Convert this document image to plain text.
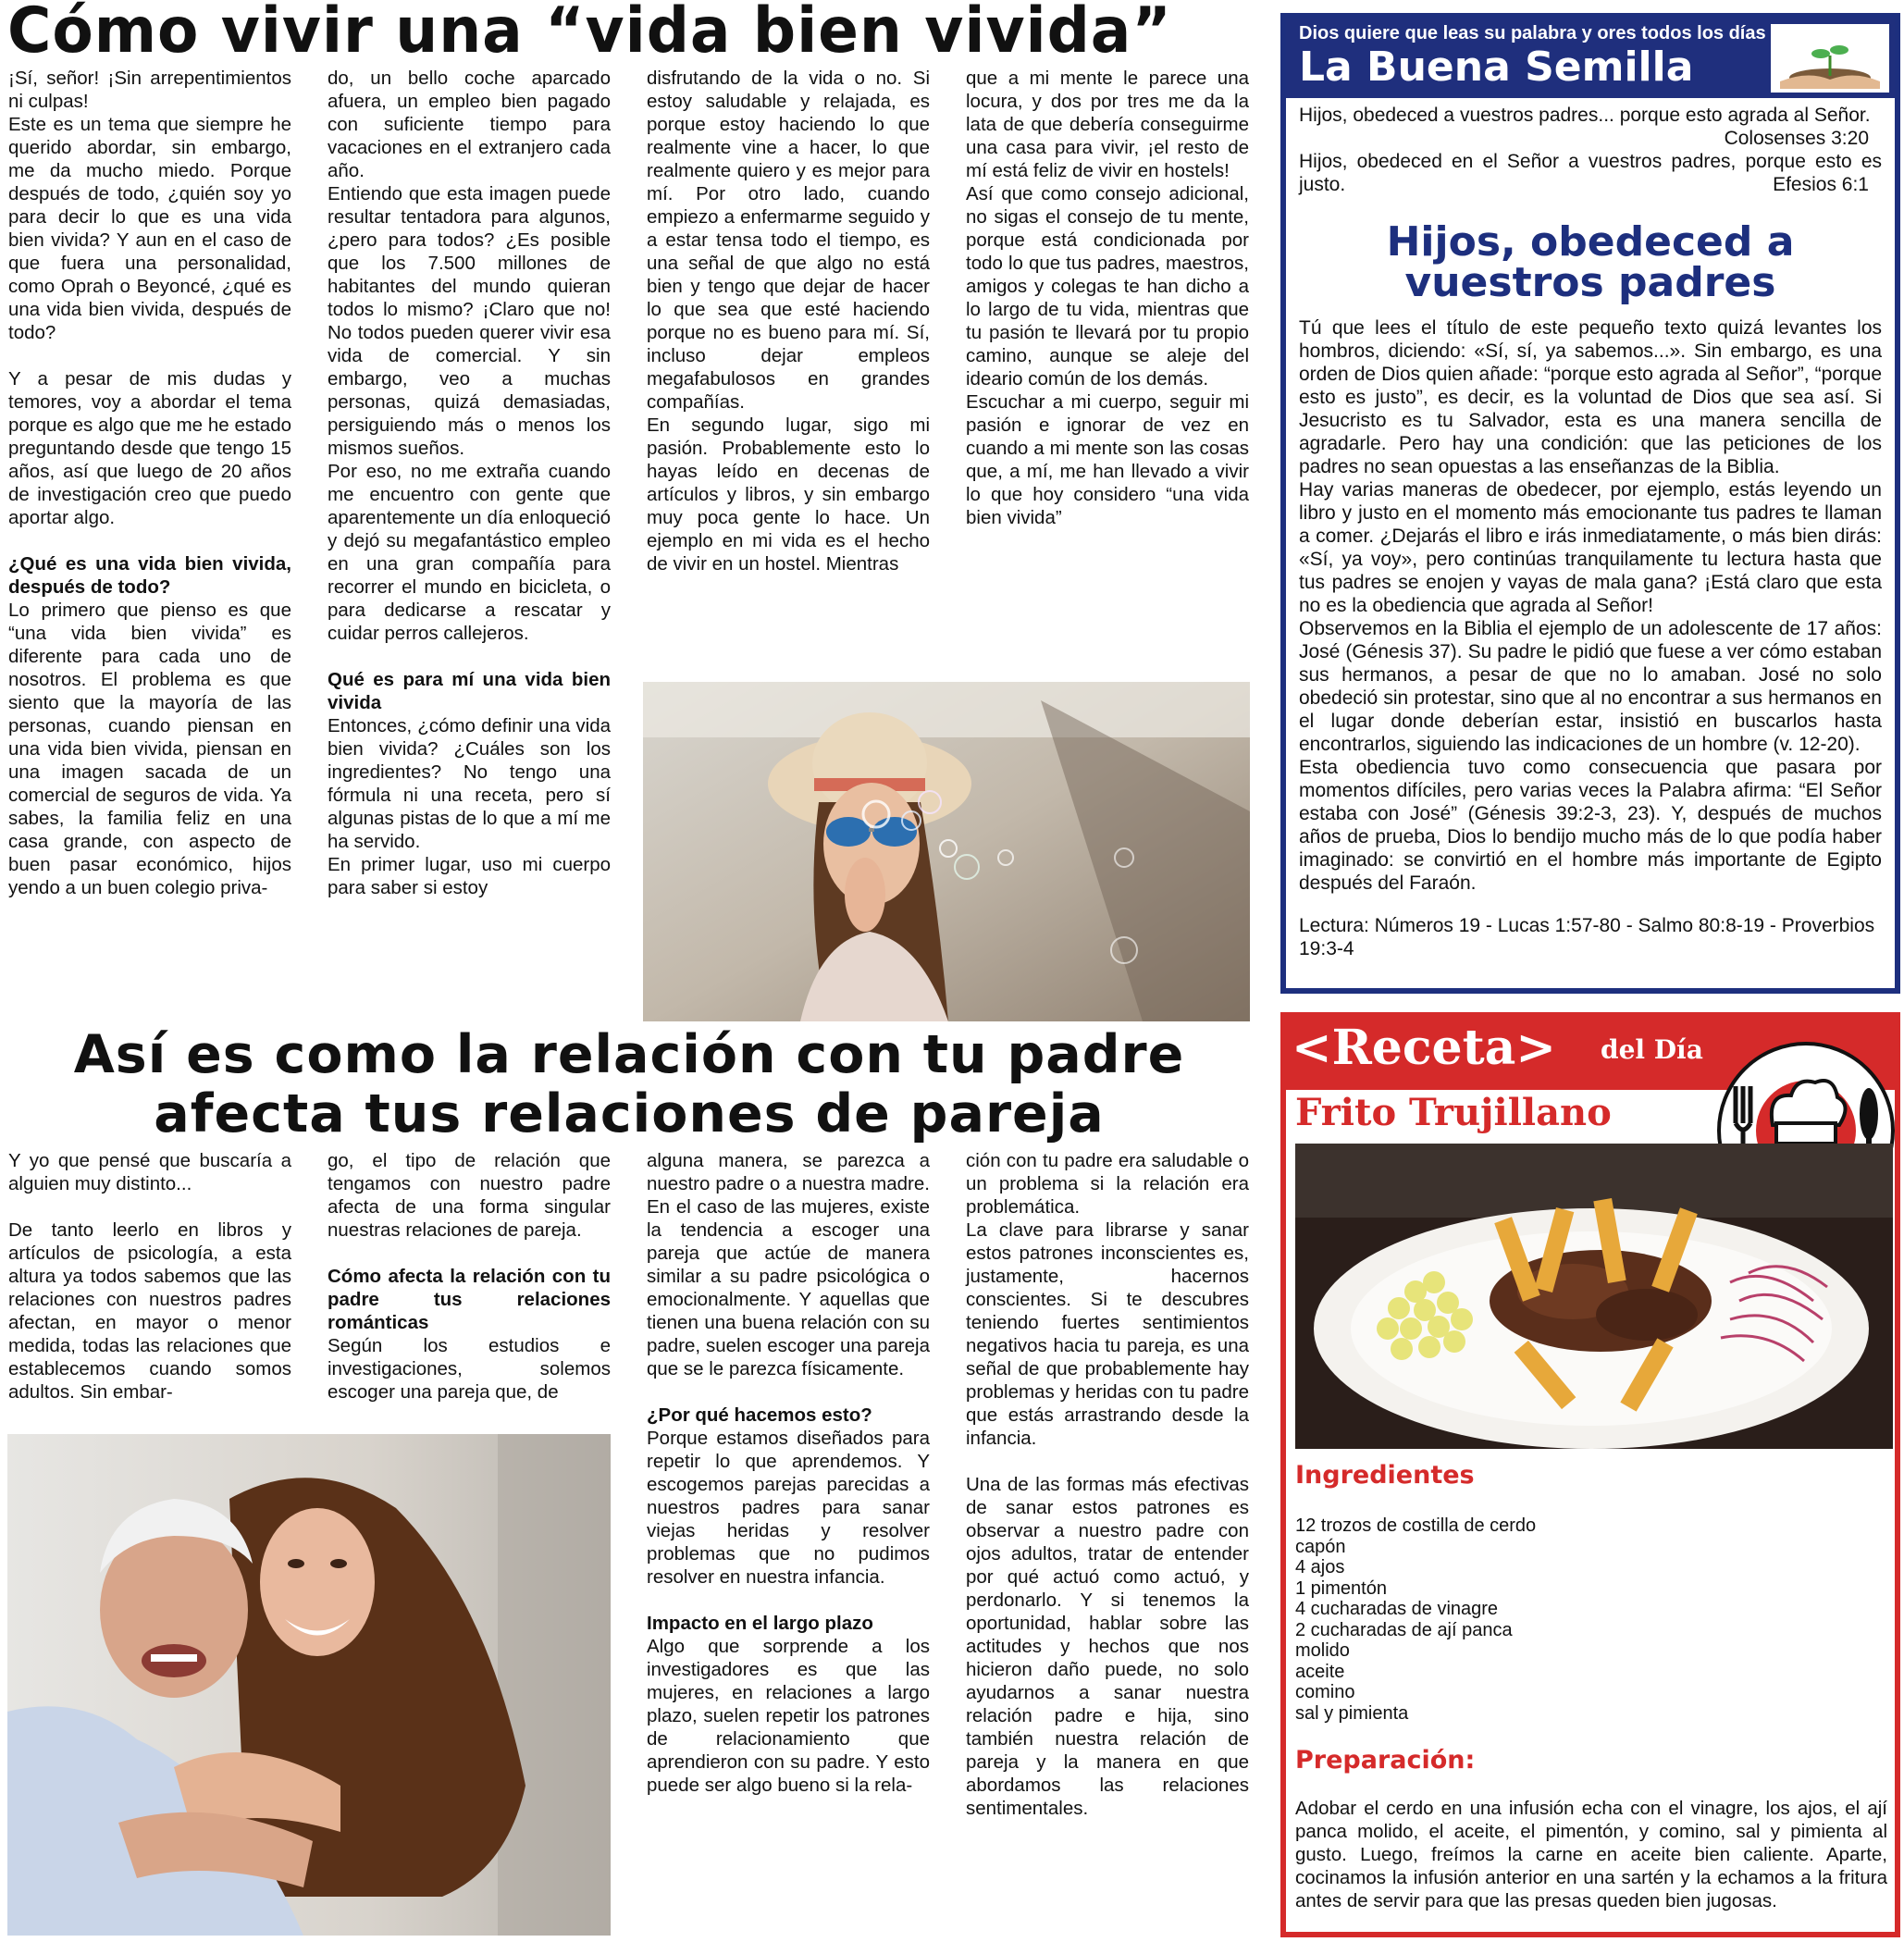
Cómo vivir una “vida bien vivida”

¡Sí, señor! ¡Sin arrepentimientos ni culpas!

Este es un tema que siempre he querido abordar, sin embargo, me da mucho miedo. Porque después de todo, ¿quién soy yo para decir lo que es una vida bien vivida? Y aun en el caso de que fuera una personalidad, como Oprah o Beyoncé, ¿qué es una vida bien vivida, después de todo?

Y a pesar de mis dudas y temores, voy a abordar el tema porque es algo que me he estado preguntando desde que tengo 15 años, así que luego de 20 años de investigación creo que puedo aportar algo.

¿Qué es una vida bien vivida, después de todo?

Lo primero que pienso es que “una vida bien vivida” es diferente para cada uno de nosotros. El problema es que siento que la mayoría de las personas, cuando piensan en una vida bien vivida, piensan en una imagen sacada de un comercial de seguros de vida. Ya sabes, la familia feliz en una casa grande, con aspecto de buen pasar económico, hijos yendo a un buen colegio priva-

do, un bello coche aparcado afuera, un empleo bien pagado con suficiente tiempo para vacaciones en el extranjero cada año.

Entiendo que esta imagen puede resultar tentadora para algunos, ¿pero para todos? ¿Es posible que los 7.500 millones de habitantes del mundo quieran todos lo mismo? ¡Claro que no! No todos pueden querer vivir esa vida de comercial. Y sin embargo, veo a muchas personas, quizá demasiadas, persiguiendo más o menos los mismos sueños.

Por eso, no me extraña cuando me encuentro con gente que aparentemente un día enloqueció y dejó su megafantástico empleo en una gran compañía para recorrer el mundo en bicicleta, o para dedicarse a rescatar y cuidar perros callejeros.

Qué es para mí una vida bien vivida

Entonces, ¿cómo definir una vida bien vivida? ¿Cuáles son los ingredientes? No tengo una fórmula ni una receta, pero sí algunas pistas de lo que a mí me ha servido.

En primer lugar, uso mi cuerpo para saber si estoy

disfrutando de la vida o no. Si estoy saludable y relajada, es porque estoy haciendo lo que realmente vine a hacer, lo que realmente quiero y es mejor para mí. Por otro lado, cuando empiezo a enfermarme seguido y a estar tensa todo el tiempo, es una señal de que algo no está bien y tengo que dejar de hacer lo que sea que esté haciendo porque no es bueno para mí. Sí, incluso dejar empleos megafabulosos en grandes compañías.

En segundo lugar, sigo mi pasión. Probablemente esto lo hayas leído en decenas de artículos y libros, y sin embargo muy poca gente lo hace. Un ejemplo en mi vida es el hecho de vivir en un hostel. Mientras

que a mi mente le parece una locura, y dos por tres me da la lata de que debería conseguirme una casa para vivir, ¡el resto de mí está feliz de vivir en hostels!

Así que como consejo adicional, no sigas el consejo de tu mente, porque está condicionada por todo lo que tus padres, maestros, amigos y colegas te han dicho a lo largo de tu vida, mientras que tu pasión te llevará por tu propio camino, aunque se aleje del ideario común de los demás.

Escuchar a mi cuerpo, seguir mi pasión e ignorar de vez en cuando a mi mente son las cosas que, a mí, me han llevado a vivir lo que hoy considero “una vida bien vivida”

Así es como la relación con tu padre
afecta tus relaciones de pareja

Y yo que pensé que buscaría a alguien muy distinto...

De tanto leerlo en libros y artículos de psicología, a esta altura ya todos sabemos que las relaciones con nuestros padres afectan, en mayor o menor medida, todas las relaciones que establecemos cuando somos adultos. Sin embar-

go, el tipo de relación que tengamos con nuestro padre afecta de una forma singular nuestras relaciones de pareja.

Cómo afecta la relación con tu padre tus relaciones románticas

Según los estudios e investigaciones, solemos escoger una pareja que, de

alguna manera, se parezca a nuestro padre o a nuestra madre. En el caso de las mujeres, existe la tendencia a escoger una pareja que actúe de manera similar a su padre psicológica o emocionalmente. Y aquellas que tienen una buena relación con su padre, suelen escoger una pareja que se le parezca físicamente.

¿Por qué hacemos esto?

Porque estamos diseñados para repetir lo que aprendemos. Y escogemos parejas parecidas a nuestros padres para sanar viejas heridas y resolver problemas que no pudimos resolver en nuestra infancia.

Impacto en el largo plazo

Algo que sorprende a los investigadores es que las mujeres, en relaciones a largo plazo, suelen repetir los patrones de relacionamiento que aprendieron con su padre. Y esto puede ser algo bueno si la rela-

ción con tu padre era saludable o un problema si la relación era problemática.

La clave para librarse y sanar estos patrones inconscientes es, justamente, hacernos conscientes. Si te descubres teniendo fuertes sentimientos negativos hacia tu pareja, es una señal de que probablemente hay problemas y heridas con tu padre que estás arrastrando desde la infancia.

Una de las formas más efectivas de sanar estos patrones es observar a nuestro padre con ojos adultos, tratar de entender por qué actuó como actuó, y perdonarlo. Y si tenemos la oportunidad, hablar sobre las actitudes y hechos que nos hicieron daño puede, no solo ayudarnos a sanar nuestra relación padre e hija, sino también nuestra relación de pareja y la manera en que abordamos las relaciones sentimentales.

Dios quiere que leas su palabra y ores todos los días
La Buena Semilla
Hijos, obedeced a vuestros padres... porque esto agrada al Señor.
Colosenses 3:20
Hijos, obedeced en el Señor a vuestros padres, porque esto es justo.	Efesios 6:1
Hijos, obedeced a
vuestros padres

Tú que lees el título de este pequeño texto quizá levantes los hombros, diciendo: «Sí, sí, ya sabemos...». Sin embargo, es una orden de Dios quien añade: “porque esto agrada al Señor”, “porque esto es justo”, es decir, es la voluntad de Dios que sea así. Si Jesucristo es tu Salvador, esta es una manera sencilla de agradarle. Pero hay una condición: que las peticiones de los padres no sean opuestas a las enseñanzas de la Biblia.

Hay varias maneras de obedecer, por ejemplo, estás leyendo un libro y justo en el momento más emocionante tus padres te llaman a comer. ¿Dejarás el libro e irás inmediatamente, o más bien dirás: «Sí, ya voy», pero continúas tranquilamente tu lectura hasta que tus padres se enojen y vayas de mala gana? ¡Está claro que esta no es la obediencia que agrada al Señor!

Observemos en la Biblia el ejemplo de un adolescente de 17 años: José (Génesis 37). Su padre le pidió que fuese a ver cómo estaban sus hermanos, a pesar de que no lo amaban. José no solo obedeció sin protestar, sino que al no encontrar a sus hermanos en el lugar donde deberían estar, insistió en buscarlos hasta encontrarlos, siguiendo las indicaciones de un hombre (v. 12-20).

Esta obediencia tuvo como consecuencia que pasara por momentos difíciles, pero varias veces la Palabra afirma: “El Señor estaba con José” (Génesis 39:2-3, 23). Y, después de muchos años de prueba, Dios lo bendijo mucho más de lo que podía haber imaginado: se convirtió en el hombre más importante de Egipto después del Faraón.

Lectura: Números 19 - Lucas 1:57-80 - Salmo 80:8-19 - Proverbios 19:3-4

<Receta> del Día
Frito Trujillano
Ingredientes
12 trozos de costilla de cerdo
capón
4 ajos
1 pimentón
4 cucharadas de vinagre
2 cucharadas de ají panca
molido
aceite
comino
sal y pimienta
Preparación:
Adobar el cerdo en una infusión echa con el vinagre, los ajos, el ají panca molido, el aceite, el pimentón, y comino, sal y pimienta al gusto. Luego, freímos la carne en aceite bien caliente. Aparte, cocinamos la infusión anterior en una sartén y la echamos a la fritura antes de servir para que las presas queden bien jugosas.
